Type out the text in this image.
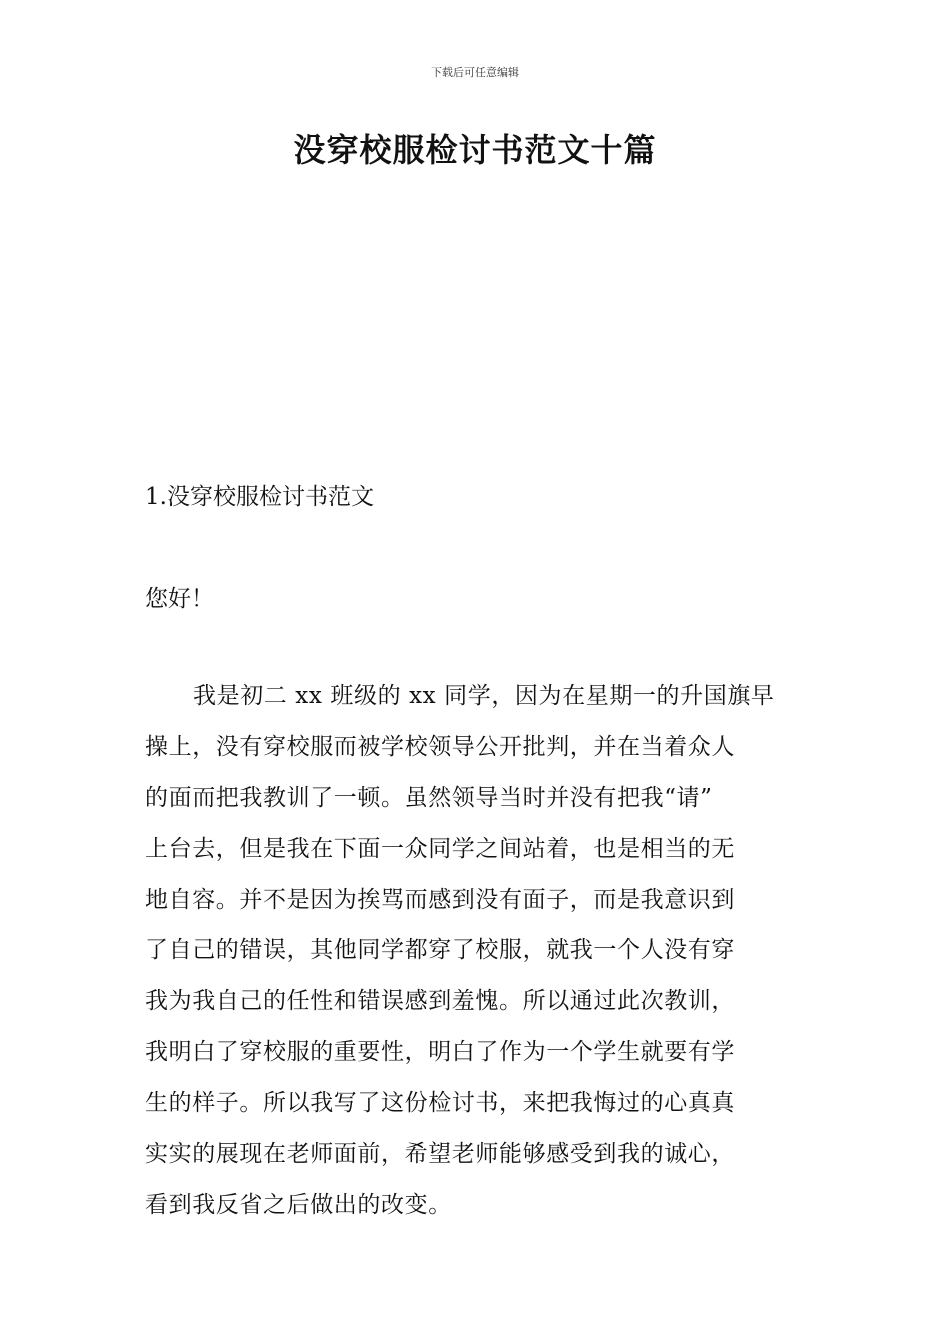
下载后可任意编辑
没穿校服检讨书范文十篇
1.没穿校服检讨书范文

您好！

我是初二 xx 班级的 xx 同学，因为在星期一的升国旗早
操上，没有穿校服而被学校领导公开批判，并在当着众人
的面而把我教训了一顿。虽然领导当时并没有把我“请”
上台去，但是我在下面一众同学之间站着，也是相当的无
地自容。并不是因为挨骂而感到没有面子，而是我意识到
了自己的错误，其他同学都穿了校服，就我一个人没有穿
我为我自己的任性和错误感到羞愧。所以通过此次教训，
我明白了穿校服的重要性，明白了作为一个学生就要有学
生的样子。所以我写了这份检讨书，来把我悔过的心真真
实实的展现在老师面前，希望老师能够感受到我的诚心，
看到我反省之后做出的改变。
